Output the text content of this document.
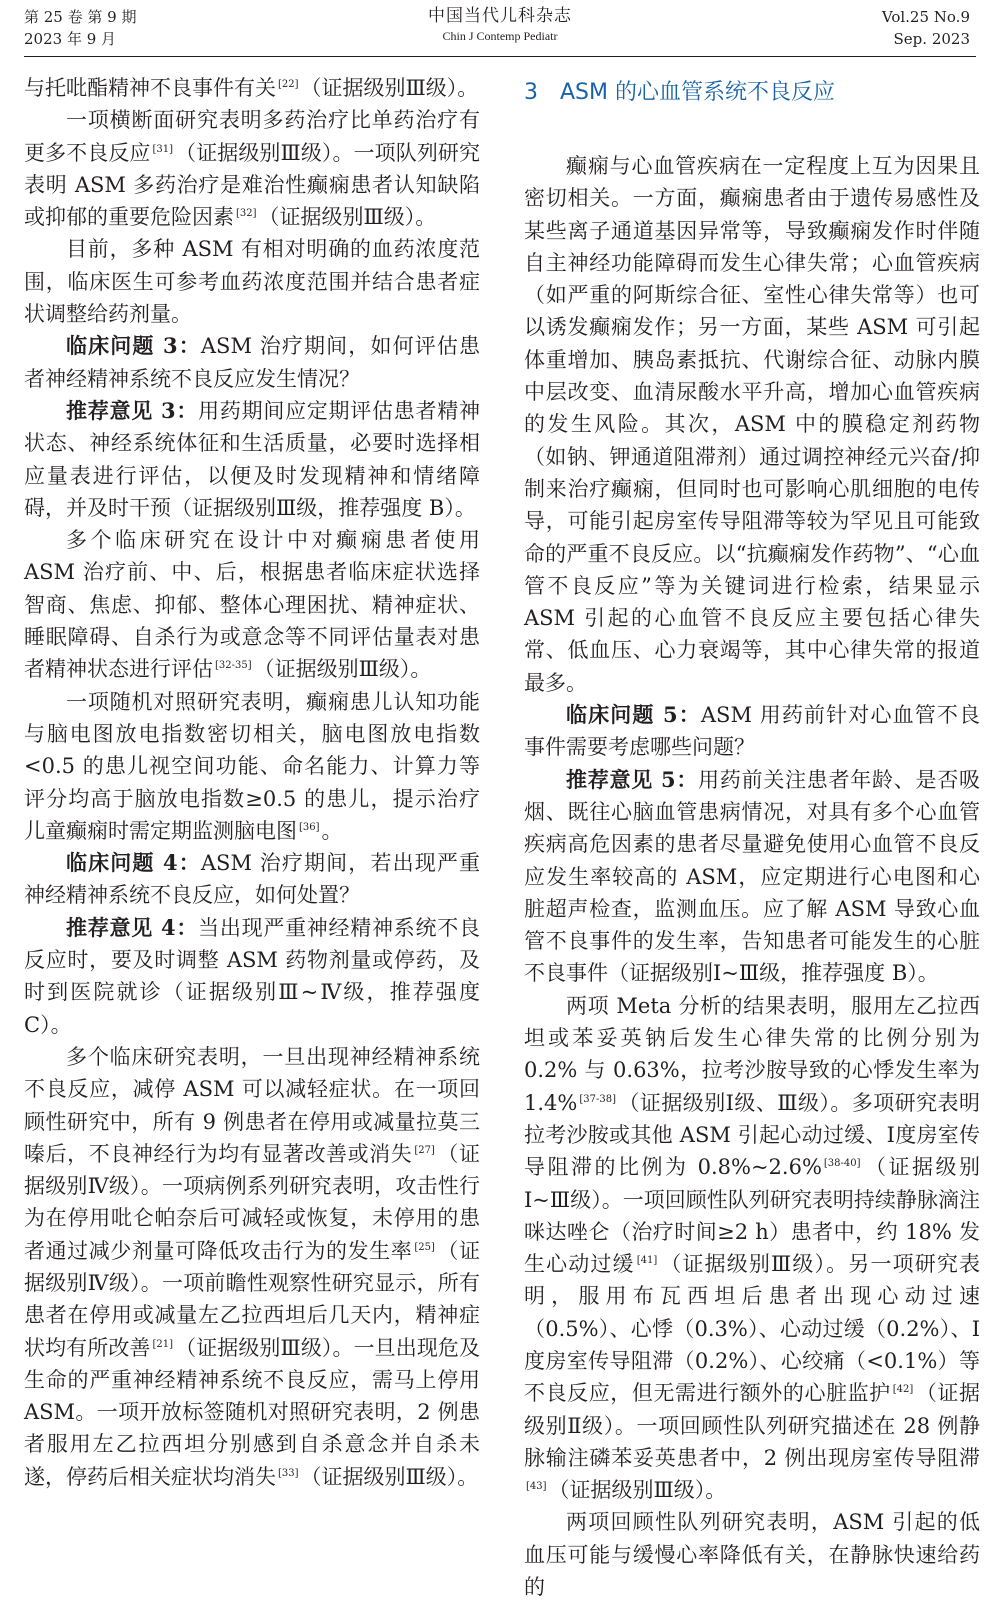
第 25 卷 第 9 期
2023 年 9 月
中国当代儿科杂志
Chin J Contemp Pediatr
Vol.25 No.9
Sep. 2023

与托吡酯精神不良事件有关 [22]（证据级别Ⅲ级）。

一项横断面研究表明多药治疗比单药治疗有更多不良反应 [31]（证据级别Ⅲ级）。一项队列研究表明 ASM 多药治疗是难治性癫痫患者认知缺陷或抑郁的重要危险因素 [32]（证据级别Ⅲ级）。

目前，多种 ASM 有相对明确的血药浓度范围，临床医生可参考血药浓度范围并结合患者症状调整给药剂量。

临床问题 3：ASM 治疗期间，如何评估患者神经精神系统不良反应发生情况？

推荐意见 3：用药期间应定期评估患者精神状态、神经系统体征和生活质量，必要时选择相应量表进行评估，以便及时发现精神和情绪障碍，并及时干预（证据级别Ⅲ级，推荐强度 B）。

多个临床研究在设计中对癫痫患者使用 ASM 治疗前、中、后，根据患者临床症状选择智商、焦虑、抑郁、整体心理困扰、精神症状、睡眠障碍、自杀行为或意念等不同评估量表对患者精神状态进行评估 [32-35]（证据级别Ⅲ级）。

一项随机对照研究表明，癫痫患儿认知功能与脑电图放电指数密切相关，脑电图放电指数<0.5 的患儿视空间功能、命名能力、计算力等评分均高于脑放电指数≥0.5 的患儿，提示治疗儿童癫痫时需定期监测脑电图 [36]。

临床问题 4：ASM 治疗期间，若出现严重神经精神系统不良反应，如何处置？

推荐意见 4：当出现严重神经精神系统不良反应时，要及时调整 ASM 药物剂量或停药，及时到医院就诊（证据级别Ⅲ~Ⅳ级，推荐强度 C）。

多个临床研究表明，一旦出现神经精神系统不良反应，减停 ASM 可以减轻症状。在一项回顾性研究中，所有 9 例患者在停用或减量拉莫三嗪后，不良神经行为均有显著改善或消失 [27]（证据级别Ⅳ级）。一项病例系列研究表明，攻击性行为在停用吡仑帕奈后可减轻或恢复，未停用的患者通过减少剂量可降低攻击行为的发生率 [25]（证据级别Ⅳ级）。一项前瞻性观察性研究显示，所有患者在停用或减量左乙拉西坦后几天内，精神症状均有所改善 [21]（证据级别Ⅲ级）。一旦出现危及生命的严重神经精神系统不良反应，需马上停用 ASM。一项开放标签随机对照研究表明，2 例患者服用左乙拉西坦分别感到自杀意念并自杀未遂，停药后相关症状均消失 [33]（证据级别Ⅲ级）。

3　ASM 的心血管系统不良反应

癫痫与心血管疾病在一定程度上互为因果且密切相关。一方面，癫痫患者由于遗传易感性及某些离子通道基因异常等，导致癫痫发作时伴随自主神经功能障碍而发生心律失常；心血管疾病（如严重的阿斯综合征、室性心律失常等）也可以诱发癫痫发作；另一方面，某些 ASM 可引起体重增加、胰岛素抵抗、代谢综合征、动脉内膜中层改变、血清尿酸水平升高，增加心血管疾病的发生风险。其次，ASM 中的膜稳定剂药物（如钠、钾通道阻滞剂）通过调控神经元兴奋/抑制来治疗癫痫，但同时也可影响心肌细胞的电传导，可能引起房室传导阻滞等较为罕见且可能致命的严重不良反应。以“抗癫痫发作药物”、“心血管不良反应”等为关键词进行检索，结果显示 ASM 引起的心血管不良反应主要包括心律失常、低血压、心力衰竭等，其中心律失常的报道最多。

临床问题 5：ASM 用药前针对心血管不良事件需要考虑哪些问题？

推荐意见 5：用药前关注患者年龄、是否吸烟、既往心脑血管患病情况，对具有多个心血管疾病高危因素的患者尽量避免使用心血管不良反应发生率较高的 ASM，应定期进行心电图和心脏超声检查，监测血压。应了解 ASM 导致心血管不良事件的发生率，告知患者可能发生的心脏不良事件（证据级别Ⅰ~Ⅲ级，推荐强度 B）。

两项 Meta 分析的结果表明，服用左乙拉西坦或苯妥英钠后发生心律失常的比例分别为 0.2% 与 0.63%，拉考沙胺导致的心悸发生率为 1.4% [37-38]（证据级别Ⅰ级、Ⅲ级）。多项研究表明拉考沙胺或其他 ASM 引起心动过缓、Ⅰ度房室传导阻滞的比例为 0.8%~2.6% [38-40]（证据级别Ⅰ~Ⅲ级）。一项回顾性队列研究表明持续静脉滴注咪达唑仑（治疗时间≥2 h）患者中，约 18% 发生心动过缓 [41]（证据级别Ⅲ级）。另一项研究表明，服用布瓦西坦后患者出现心动过速（0.5%）、心悸（0.3%）、心动过缓（0.2%）、Ⅰ度房室传导阻滞（0.2%）、心绞痛（<0.1%）等不良反应，但无需进行额外的心脏监护 [42]（证据级别Ⅱ级）。一项回顾性队列研究描述在 28 例静脉输注磷苯妥英患者中，2 例出现房室传导阻滞[43]（证据级别Ⅲ级）。

两项回顾性队列研究表明，ASM 引起的低血压可能与缓慢心率降低有关，在静脉快速给药的
